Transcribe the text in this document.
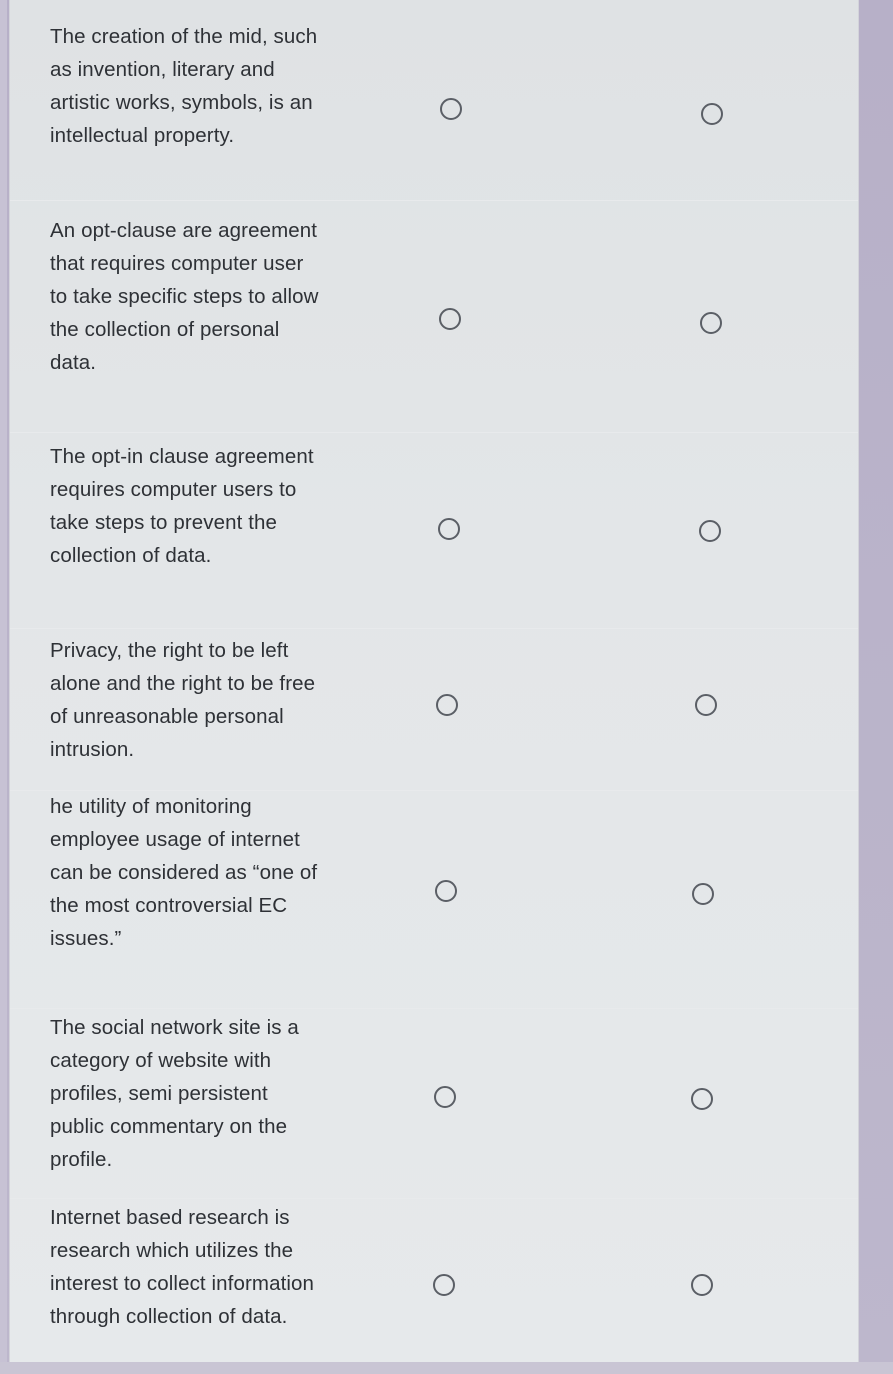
The creation of the mid, such as invention, literary and artistic works, symbols, is an intellectual property.

An opt-clause are agreement that requires computer user to take specific steps to allow the collection of personal data.

The opt-in clause agreement requires computer users to take steps to prevent the collection of data.

Privacy, the right to be left alone and the right to be free of unreasonable personal intrusion.

he utility of monitoring employee usage of internet can be considered as “one of the most controversial EC issues.”

The social network site is a category of website with profiles, semi persistent public commentary on the profile.

Internet based research is research which utilizes the interest to collect information through collection of data.
